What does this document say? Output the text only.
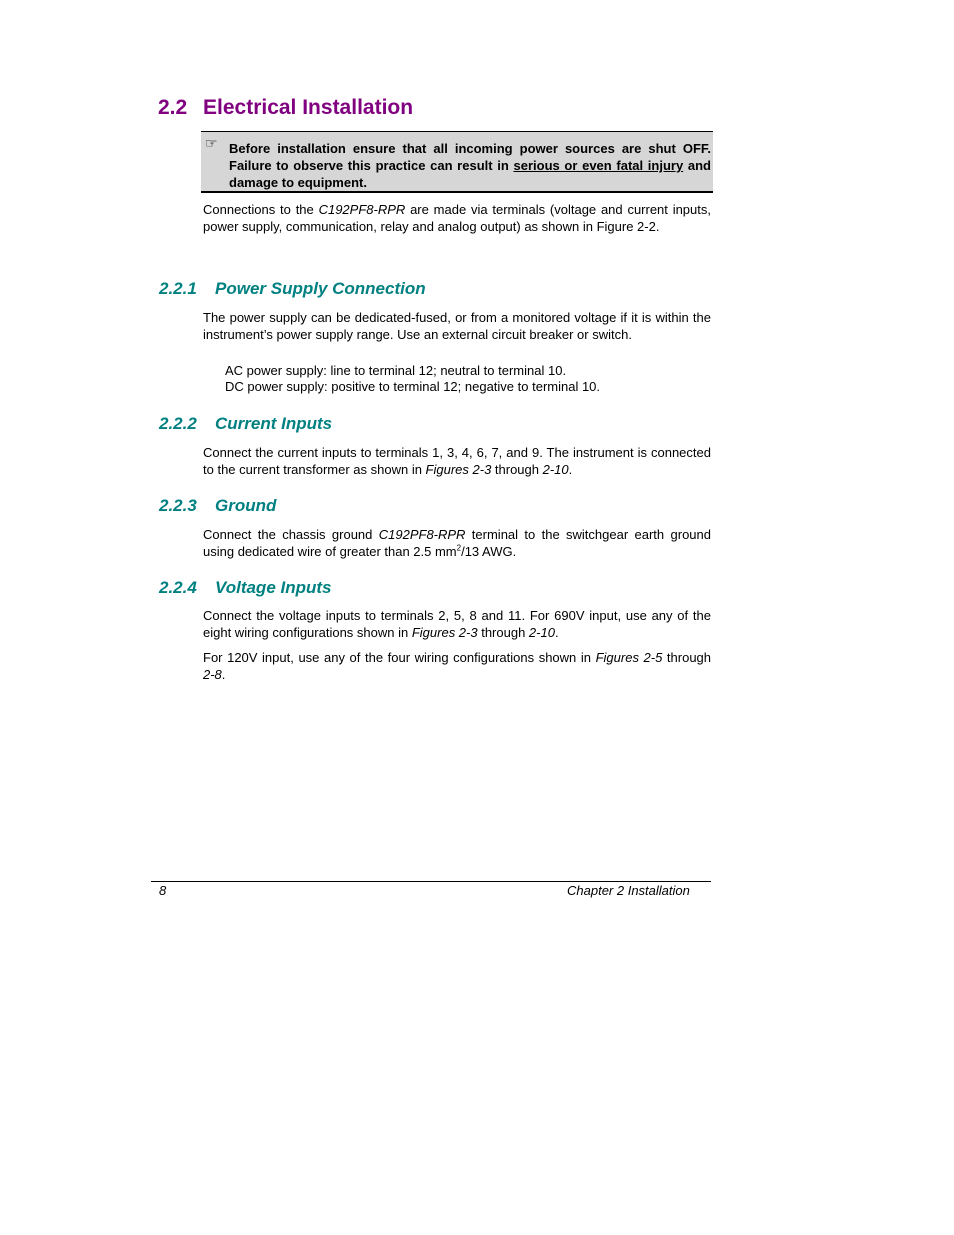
2.2 Electrical Installation
☞ Before installation ensure that all incoming power sources are shut OFF. Failure to observe this practice can result in serious or even fatal injury and damage to equipment.
Connections to the C192PF8-RPR are made via terminals (voltage and current inputs, power supply, communication, relay and analog output) as shown in Figure 2-2.
2.2.1 Power Supply Connection
The power supply can be dedicated-fused, or from a monitored voltage if it is within the instrument’s power supply range. Use an external circuit breaker or switch.
AC power supply: line to terminal 12; neutral to terminal 10.
DC power supply: positive to terminal 12; negative to terminal 10.
2.2.2 Current Inputs
Connect the current inputs to terminals 1, 3, 4, 6, 7, and 9. The instrument is connected to the current transformer as shown in Figures 2-3 through 2-10.
2.2.3 Ground
Connect the chassis ground C192PF8-RPR terminal to the switchgear earth ground using dedicated wire of greater than 2.5 $mm^2/13$ AWG.
2.2.4 Voltage Inputs
Connect the voltage inputs to terminals 2, 5, 8 and 11. For 690V input, use any of the eight wiring configurations shown in Figures 2-3 through 2-10.
For 120V input, use any of the four wiring configurations shown in Figures 2-5 through 2-8.
8	Chapter 2 Installation
